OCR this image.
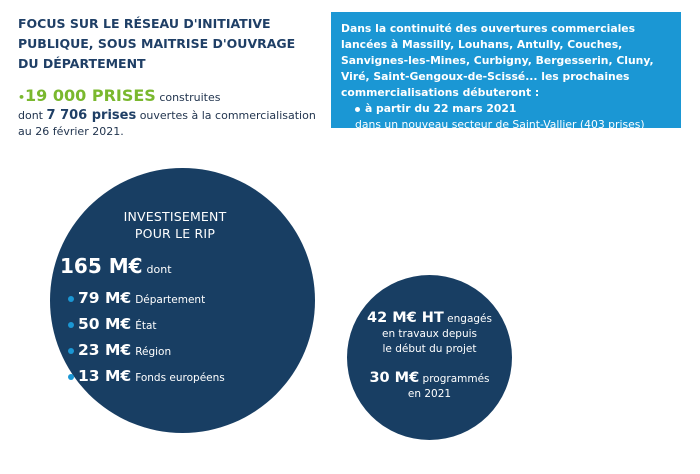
FOCUS SUR LE RÉSEAU D'INITIATIVE PUBLIQUE, SOUS MAITRISE D'OUVRAGE DU DÉPARTEMENT
•19 000 PRISES construites
dont 7 706 prises ouvertes à la commercialisation
au 26 février 2021.
Dans la continuité des ouvertures commerciales lancées à Massilly, Louhans, Antully, Couches, Sanvignes-les-Mines, Curbigny, Bergesserin, Cluny, Viré, Saint-Gengoux-de-Scissé... les prochaines commercialisations débuteront :
à partir du 22 mars 2021
dans un nouveau secteur de Saint-Vallier (403 prises)
INVESTISEMENT POUR LE RIP
165 M€ dont
79 M€ Département
50 M€ État
23 M€ Région
13 M€ Fonds européens
42 M€ HT engagés
en travaux depuis
le début du projet
30 M€ programmés
en 2021
